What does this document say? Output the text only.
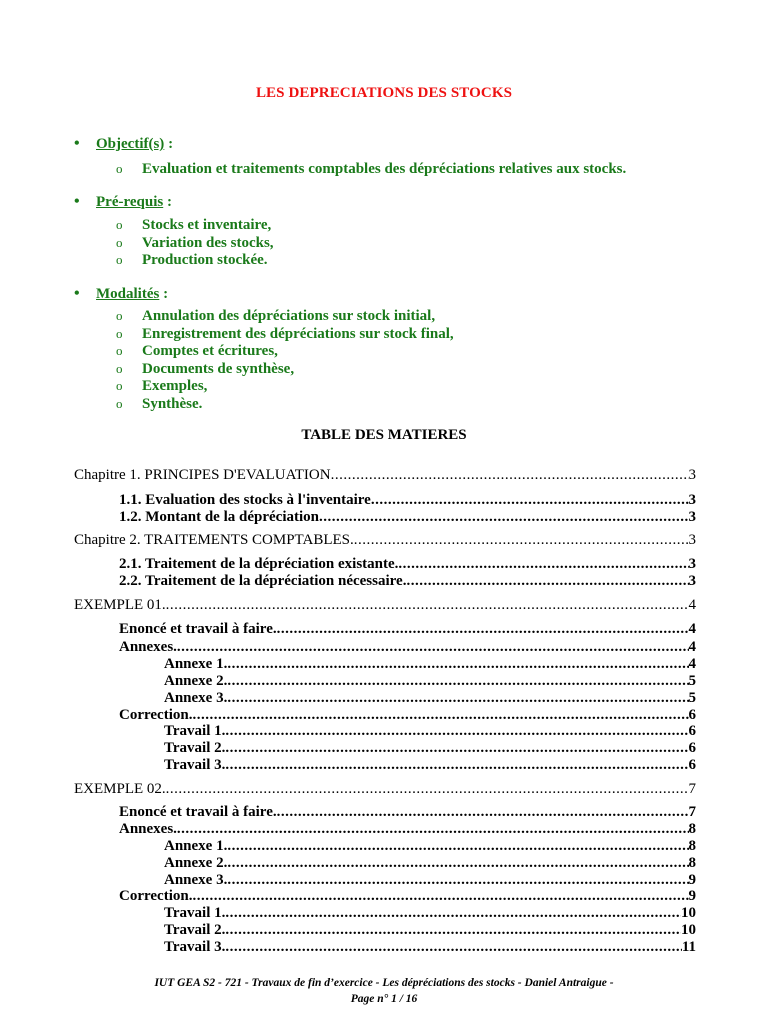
LES DEPRECIATIONS DES STOCKS
• Objectif(s) :
o Evaluation et traitements comptables des dépréciations relatives aux stocks.
• Pré-requis :
o Stocks et inventaire,
o Variation des stocks,
o Production stockée.
• Modalités :
o Annulation des dépréciations sur stock initial,
o Enregistrement des dépréciations sur stock final,
o Comptes et écritures,
o Documents de synthèse,
o Exemples,
o Synthèse.
TABLE DES MATIERES
Chapitre 1. PRINCIPES D'EVALUATION .....	3
1.1. Evaluation des stocks à l'inventaire .....	3
1.2. Montant de la dépréciation .....	3
Chapitre 2. TRAITEMENTS COMPTABLES. .....	3
2.1. Traitement de la dépréciation existante. .....	3
2.2. Traitement de la dépréciation nécessaire. .....	3
EXEMPLE 01. .....	4
Enoncé et travail à faire. .....	4
Annexes. .....	4
Annexe 1. .....	4
Annexe 2. .....	5
Annexe 3. .....	5
Correction. .....	6
Travail 1. .....	6
Travail 2. .....	6
Travail 3. .....	6
EXEMPLE 02. .....	7
Enoncé et travail à faire. .....	7
Annexes. .....	8
Annexe 1. .....	8
Annexe 2. .....	8
Annexe 3. .....	9
Correction. .....	9
Travail 1. .....	10
Travail 2. .....	10
Travail 3. .....	11
IUT GEA S2 - 721 - Travaux de fin d’exercice - Les dépréciations des stocks - Daniel Antraigue -
Page n° 1 / 16
